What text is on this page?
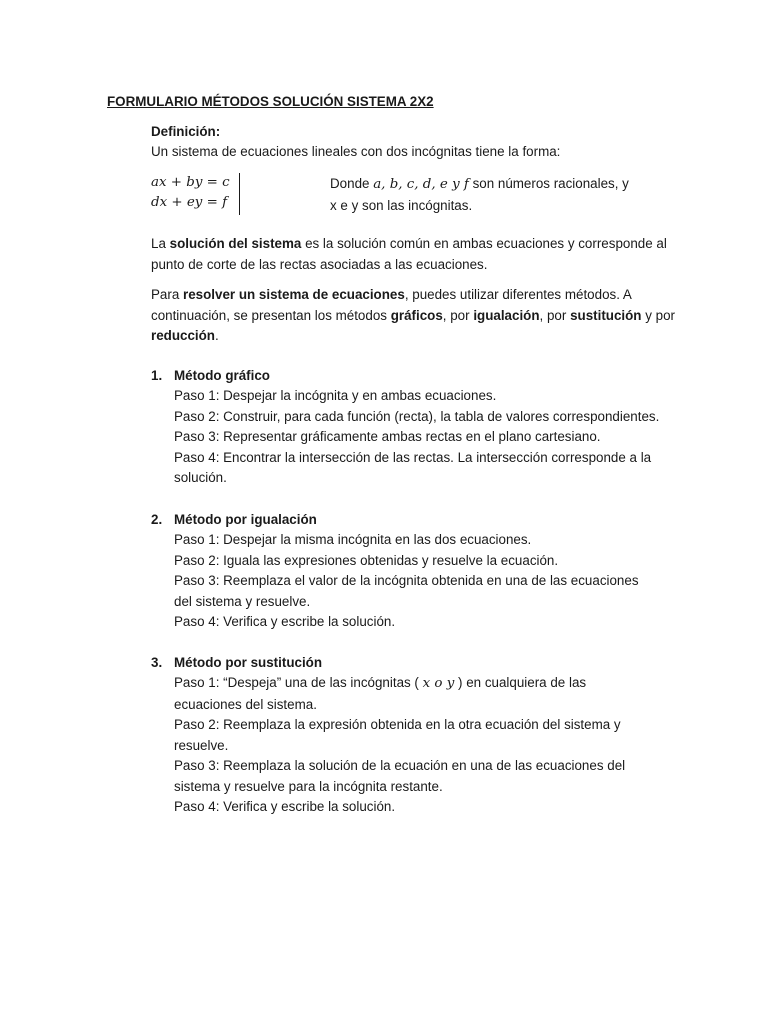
FORMULARIO MÉTODOS SOLUCIÓN SISTEMA 2X2
Definición:
Un sistema de ecuaciones lineales con dos incógnitas tiene la forma:
ax + by = c
dx + ey = f
Donde a, b, c, d, e y f son números racionales, y
x e y son las incógnitas.

La solución del sistema es la solución común en ambas ecuaciones y corresponde al punto de corte de las rectas asociadas a las ecuaciones.

Para resolver un sistema de ecuaciones, puedes utilizar diferentes métodos. A continuación, se presentan los métodos gráficos, por igualación, por sustitución y por reducción.

1. Método gráfico

Paso 1: Despejar la incógnita y en ambas ecuaciones.

Paso 2: Construir, para cada función (recta), la tabla de valores correspondientes.

Paso 3: Representar gráficamente ambas rectas en el plano cartesiano.

Paso 4: Encontrar la intersección de las rectas. La intersección corresponde a la solución.

2. Método por igualación

Paso 1: Despejar la misma incógnita en las dos ecuaciones.

Paso 2: Iguala las expresiones obtenidas y resuelve la ecuación.

Paso 3: Reemplaza el valor de la incógnita obtenida en una de las ecuaciones del sistema y resuelve.

Paso 4: Verifica y escribe la solución.

3. Método por sustitución

Paso 1: “Despeja” una de las incógnitas ( x o y ) en cualquiera de las ecuaciones del sistema.

Paso 2: Reemplaza la expresión obtenida en la otra ecuación del sistema y resuelve.

Paso 3: Reemplaza la solución de la ecuación en una de las ecuaciones del sistema y resuelve para la incógnita restante.

Paso 4: Verifica y escribe la solución.
